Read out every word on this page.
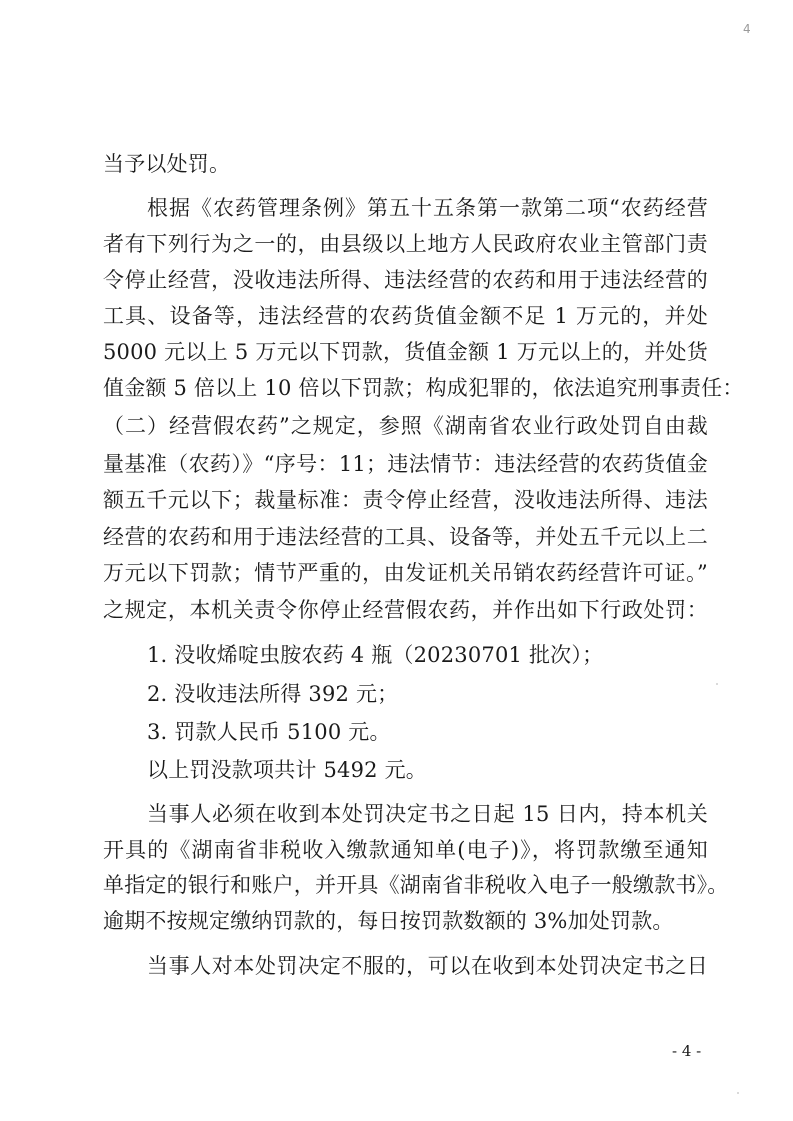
4
当予以处罚。
根据《农药管理条例》第五十五条第一款第二项“农药经营
者有下列行为之一的，由县级以上地方人民政府农业主管部门责
令停止经营，没收违法所得、违法经营的农药和用于违法经营的
工具、设备等，违法经营的农药货值金额不足 1 万元的，并处
5000 元以上 5 万元以下罚款，货值金额 1 万元以上的，并处货
值金额 5 倍以上 10 倍以下罚款；构成犯罪的，依法追究刑事责任：
（二）经营假农药”之规定，参照《湖南省农业行政处罚自由裁
量基准（农药）》“序号：11；违法情节：违法经营的农药货值金
额五千元以下；裁量标准：责令停止经营，没收违法所得、违法
经营的农药和用于违法经营的工具、设备等，并处五千元以上二
万元以下罚款；情节严重的，由发证机关吊销农药经营许可证。”
之规定，本机关责令你停止经营假农药，并作出如下行政处罚：
1. 没收烯啶虫胺农药 4 瓶（20230701 批次）；
2. 没收违法所得 392 元；
3. 罚款人民币 5100 元。
以上罚没款项共计 5492 元。
当事人必须在收到本处罚决定书之日起 15 日内，持本机关
开具的《湖南省非税收入缴款通知单(电子)》，将罚款缴至通知
单指定的银行和账户，并开具《湖南省非税收入电子一般缴款书》。
逾期不按规定缴纳罚款的，每日按罚款数额的 3%加处罚款。
当事人对本处罚决定不服的，可以在收到本处罚决定书之日
- 4 -
